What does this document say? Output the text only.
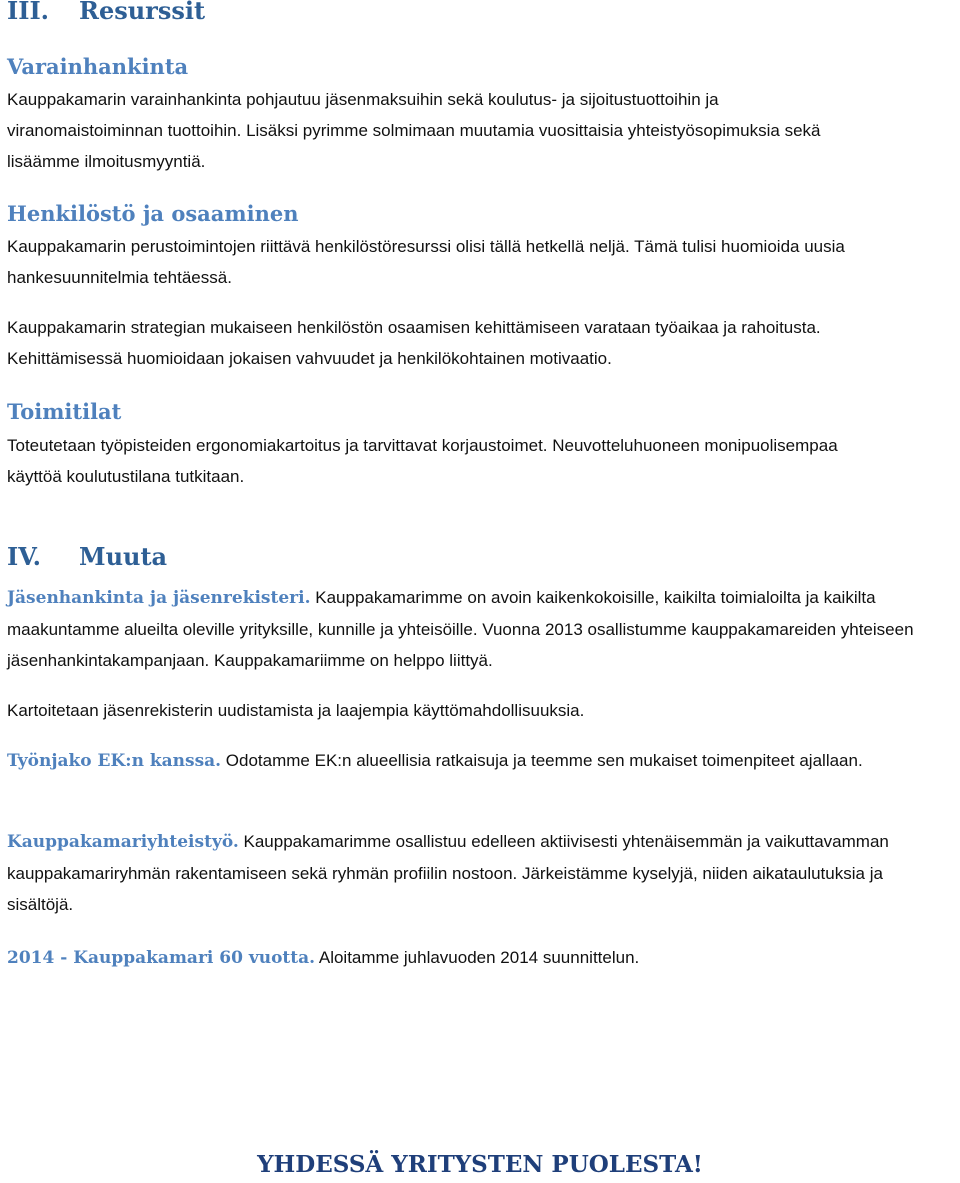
III. Resurssit
Varainhankinta
Kauppakamarin varainhankinta pohjautuu jäsenmaksuihin sekä koulutus- ja sijoitustuottoihin ja viranomaistoiminnan tuottoihin. Lisäksi pyrimme solmimaan muutamia vuosittaisia yhteistyösopimuksia sekä lisäämme ilmoitusmyyntiä.
Henkilöstö ja osaaminen
Kauppakamarin perustoimintojen riittävä henkilöstöresurssi olisi tällä hetkellä neljä. Tämä tulisi huomioida uusia hankesuunnitelmia tehtäessä.
Kauppakamarin strategian mukaiseen henkilöstön osaamisen kehittämiseen varataan työaikaa ja rahoitusta. Kehittämisessä huomioidaan jokaisen vahvuudet ja henkilökohtainen motivaatio.
Toimitilat
Toteutetaan työpisteiden ergonomiakartoitus ja tarvittavat korjaustoimet. Neuvotteluhuoneen monipuolisempaa käyttöä koulutustilana tutkitaan.
IV. Muuta
Jäsenhankinta ja jäsenrekisteri. Kauppakamarimme on avoin kaikenkokoisille, kaikilta toimialoilta ja kaikilta maakuntamme alueilta oleville yrityksille, kunnille ja yhteisöille. Vuonna 2013 osallistumme kauppakamareiden yhteiseen jäsenhankintakampanjaan. Kauppakamariimme on helppo liittyä.
Kartoitetaan jäsenrekisterin uudistamista ja laajempia käyttömahdollisuuksia.
Työnjako EK:n kanssa. Odotamme EK:n alueellisia ratkaisuja ja teemme sen mukaiset toimenpiteet ajallaan.
Kauppakamariyhteistyö. Kauppakamarimme osallistuu edelleen aktiivisesti yhtenäisemmän ja vaikuttavamman kauppakamariryhmän rakentamiseen sekä ryhmän profiilin nostoon. Järkeistämme kyselyjä, niiden aikataulutuksia ja sisältöjä.
2014 - Kauppakamari 60 vuotta. Aloitamme juhlavuoden 2014 suunnittelun.
YHDESSÄ YRITYSTEN PUOLESTA!
